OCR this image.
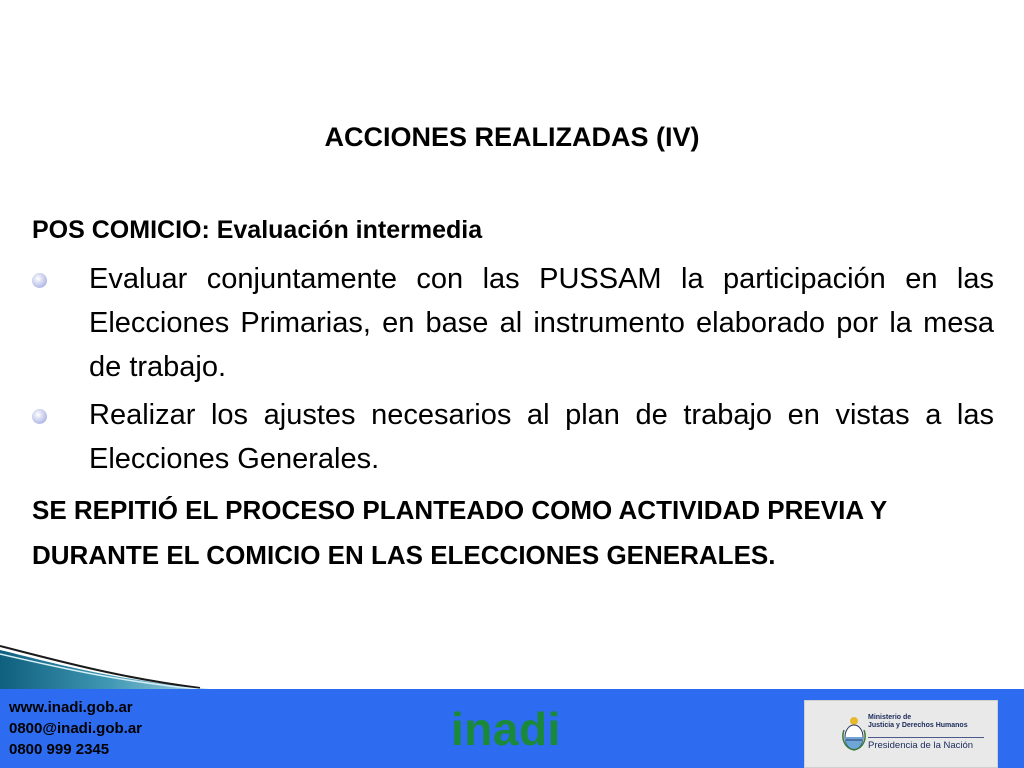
ACCIONES REALIZADAS (IV)

POS COMICIO: Evaluación intermedia

Evaluar conjuntamente con las PUSSAM la participación en las Elecciones Primarias, en base al instrumento elaborado por la mesa de trabajo.
Realizar los ajustes necesarios al plan de trabajo en vistas a las Elecciones Generales.

SE REPITIÓ EL PROCESO PLANTEADO COMO ACTIVIDAD PREVIA Y DURANTE EL COMICIO EN LAS ELECCIONES GENERALES.

www.inadi.gob.ar
0800@inadi.gob.ar
0800 999 2345	inadi	Ministerio de

Justicia y Derechos Humanos

Presidencia de la Nación
